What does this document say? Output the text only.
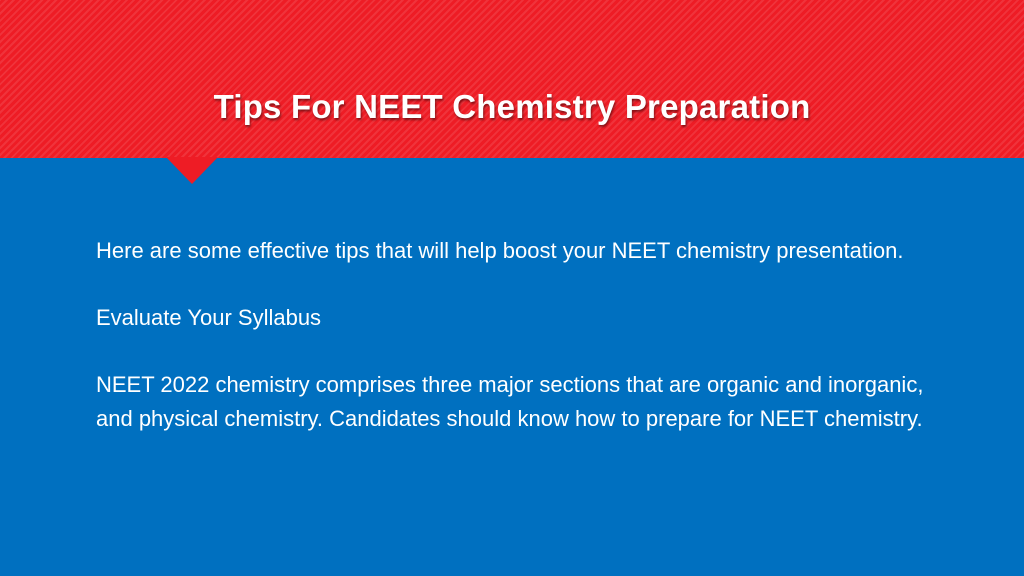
Tips For NEET Chemistry Preparation

Here are some effective tips that will help boost your NEET chemistry presentation.

Evaluate Your Syllabus

NEET 2022 chemistry comprises three major sections that are organic and inorganic, and physical chemistry. Candidates should know how to prepare for NEET chemistry.
